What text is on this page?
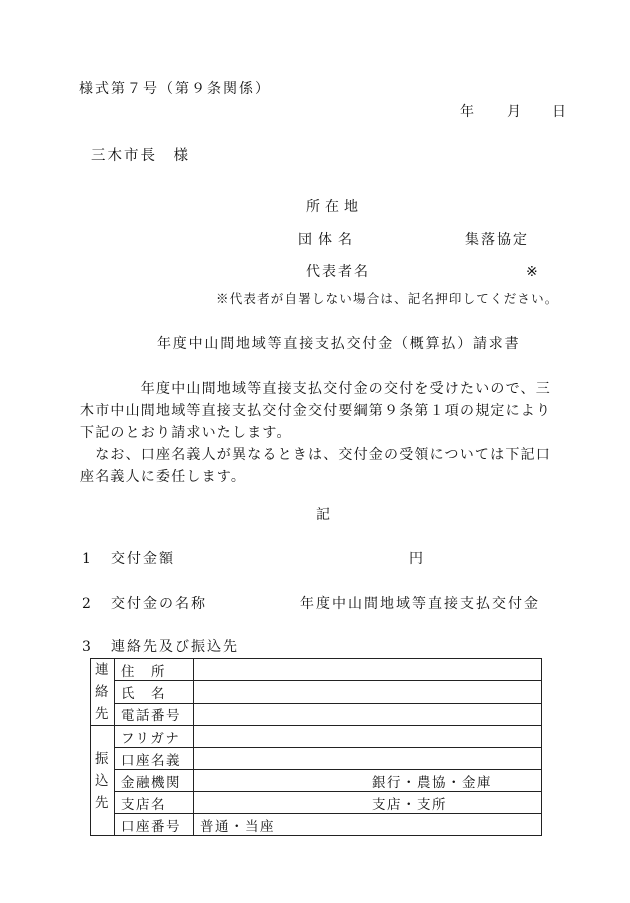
様式第７号（第９条関係）
年 月 日
三木市長　様
所在地
団体名	集落協定
代表者名	※
※代表者が自署しない場合は、記名押印してください。
年度中山間地域等直接支払交付金（概算払）請求書
　　　　年度中山間地域等直接支払交付金の交付を受けたいので、三木市中山間地域等直接支払交付金交付要綱第９条第１項の規定により下記のとおり請求いたします。
　なお、口座名義人が異なるときは、交付金の受領については下記口座名義人に委任します。
記
1 交付金額	円
2 交付金の名称	年度中山間地域等直接支払交付金
3 連絡先及び振込先
連絡先	住　所	
	氏　名	
	電話番号	
振込先	フリガナ	
	口座名義	
	金融機関	銀行・農協・金庫
	支店名	支店・支所
	口座番号	普通・当座
